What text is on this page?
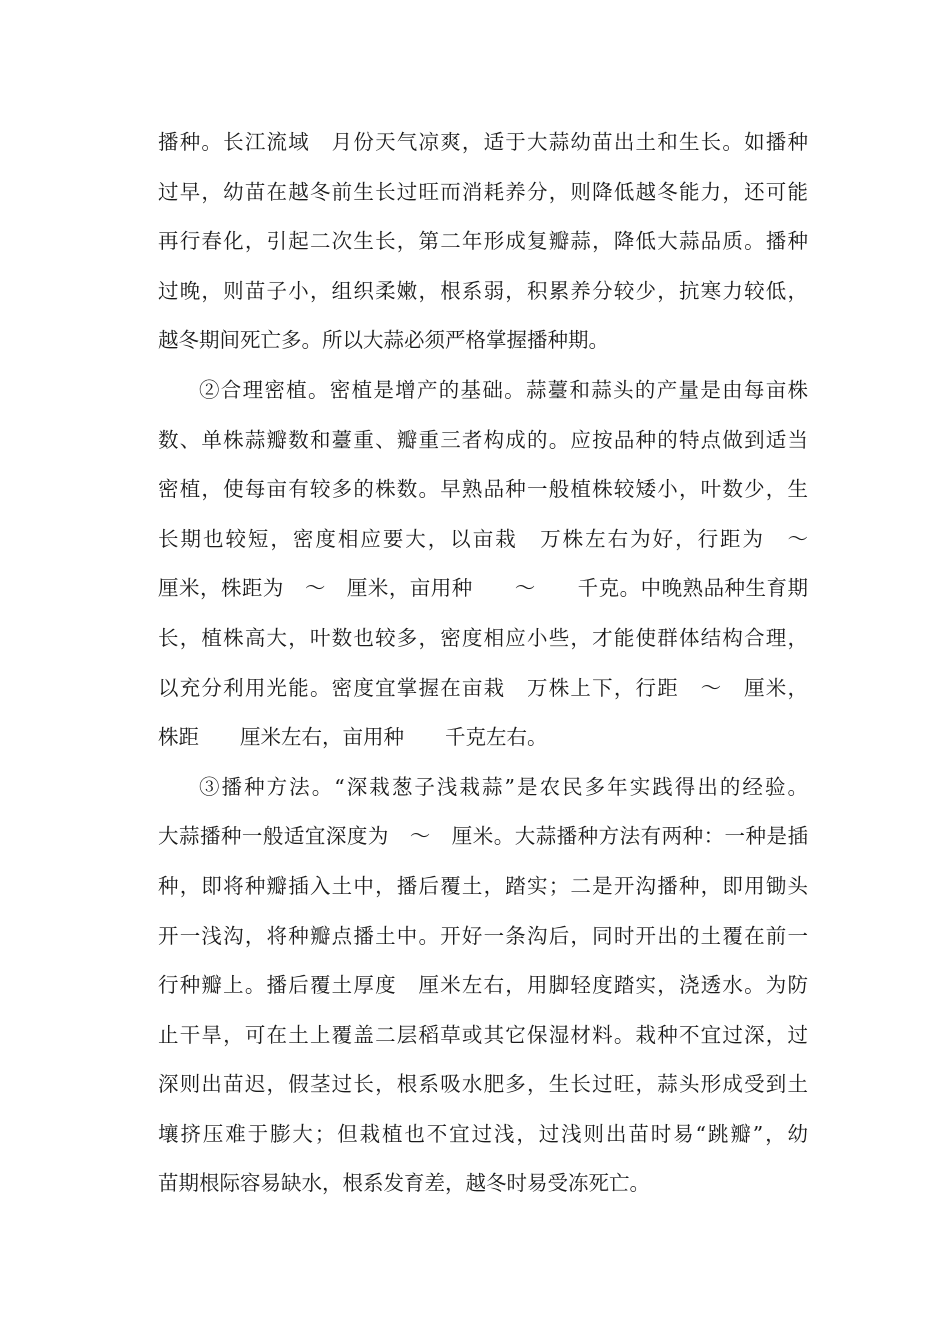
播种。长江流域　月份天气凉爽，适于大蒜幼苗出土和生长。如播种
过早，幼苗在越冬前生长过旺而消耗养分，则降低越冬能力，还可能
再行春化，引起二次生长，第二年形成复瓣蒜，降低大蒜品质。播种
过晚，则苗子小，组织柔嫩，根系弱，积累养分较少，抗寒力较低，
越冬期间死亡多。所以大蒜必须严格掌握播种期。
②合理密植。密植是增产的基础。蒜薹和蒜头的产量是由每亩株
数、单株蒜瓣数和薹重、瓣重三者构成的。应按品种的特点做到适当
密植，使每亩有较多的株数。早熟品种一般植株较矮小，叶数少，生
长期也较短，密度相应要大，以亩栽　万株左右为好，行距为　～
厘米，株距为　～　厘米，亩用种　　～　　千克。中晚熟品种生育期
长，植株高大，叶数也较多，密度相应小些，才能使群体结构合理，
以充分利用光能。密度宜掌握在亩栽　万株上下，行距　～　厘米，
株距　　厘米左右，亩用种　　千克左右。
③播种方法。“深栽葱子浅栽蒜”是农民多年实践得出的经验。
大蒜播种一般适宜深度为　～　厘米。大蒜播种方法有两种：一种是插
种，即将种瓣插入土中，播后覆土，踏实；二是开沟播种，即用锄头
开一浅沟，将种瓣点播土中。开好一条沟后，同时开出的土覆在前一
行种瓣上。播后覆土厚度　厘米左右，用脚轻度踏实，浇透水。为防
止干旱，可在土上覆盖二层稻草或其它保湿材料。栽种不宜过深，过
深则出苗迟，假茎过长，根系吸水肥多，生长过旺，蒜头形成受到土
壤挤压难于膨大；但栽植也不宜过浅，过浅则出苗时易“跳瓣”，幼
苗期根际容易缺水，根系发育差，越冬时易受冻死亡。
